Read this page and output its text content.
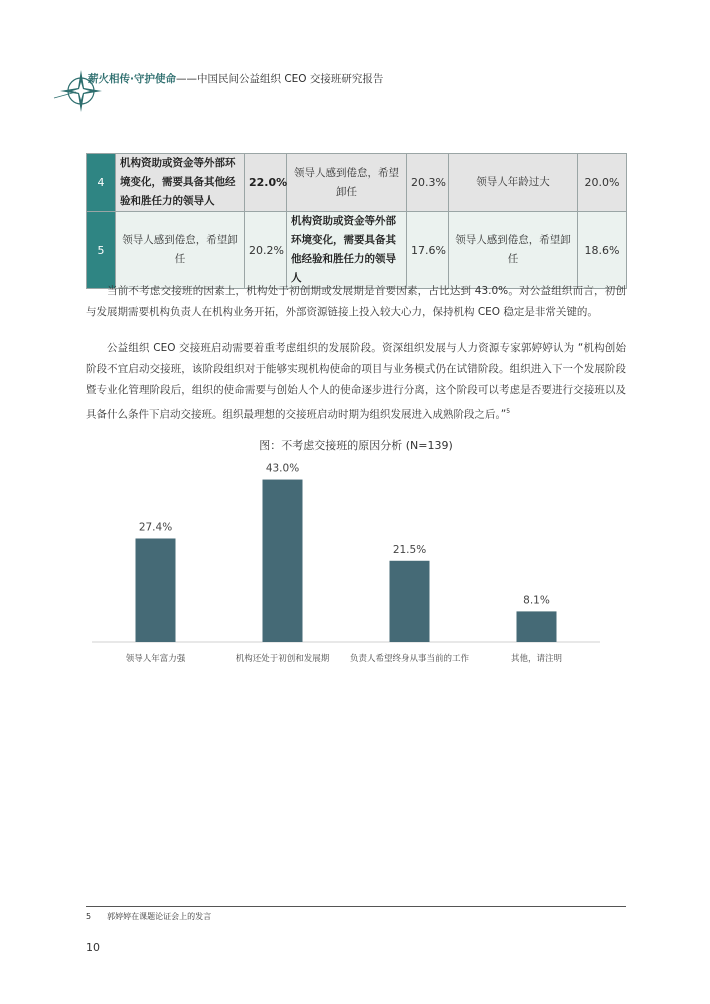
薪火相传·守护使命——中国民间公益组织 CEO 交接班研究报告
4	机构资助或资金等外部环境变化，需要具备其他经验和胜任力的领导人	22.0%	领导人感到倦怠，希望卸任	20.3%	领导人年龄过大	20.0%
5	领导人感到倦怠，希望卸任	20.2%	机构资助或资金等外部环境变化，需要具备其他经验和胜任力的领导人	17.6%	领导人感到倦怠，希望卸任	18.6%

当前不考虑交接班的因素上，机构处于初创期或发展期是首要因素，占比达到 43.0%。对公益组织而言，初创与发展期需要机构负责人在机构业务开拓，外部资源链接上投入较大心力，保持机构 CEO 稳定是非常关键的。

公益组织 CEO 交接班启动需要着重考虑组织的发展阶段。资深组织发展与人力资源专家郭婷婷认为 “机构创始阶段不宜启动交接班，该阶段组织对于能够实现机构使命的项目与业务模式仍在试错阶段。组织进入下一个发展阶段暨专业化管理阶段后，组织的使命需要与创始人个人的使命逐步进行分离，这个阶段可以考虑是否要进行交接班以及具备什么条件下启动交接班。组织最理想的交接班启动时期为组织发展进入成熟阶段之后。”$^5$

图：不考虑交接班的原因分析 (N=139)
27.4%
领导人年富力强
43.0%
机构还处于初创和发展期
21.5%
负责人希望终身从事当前的工作
8.1%
其他，请注明
5 郭婷婷在课题论证会上的发言
10
